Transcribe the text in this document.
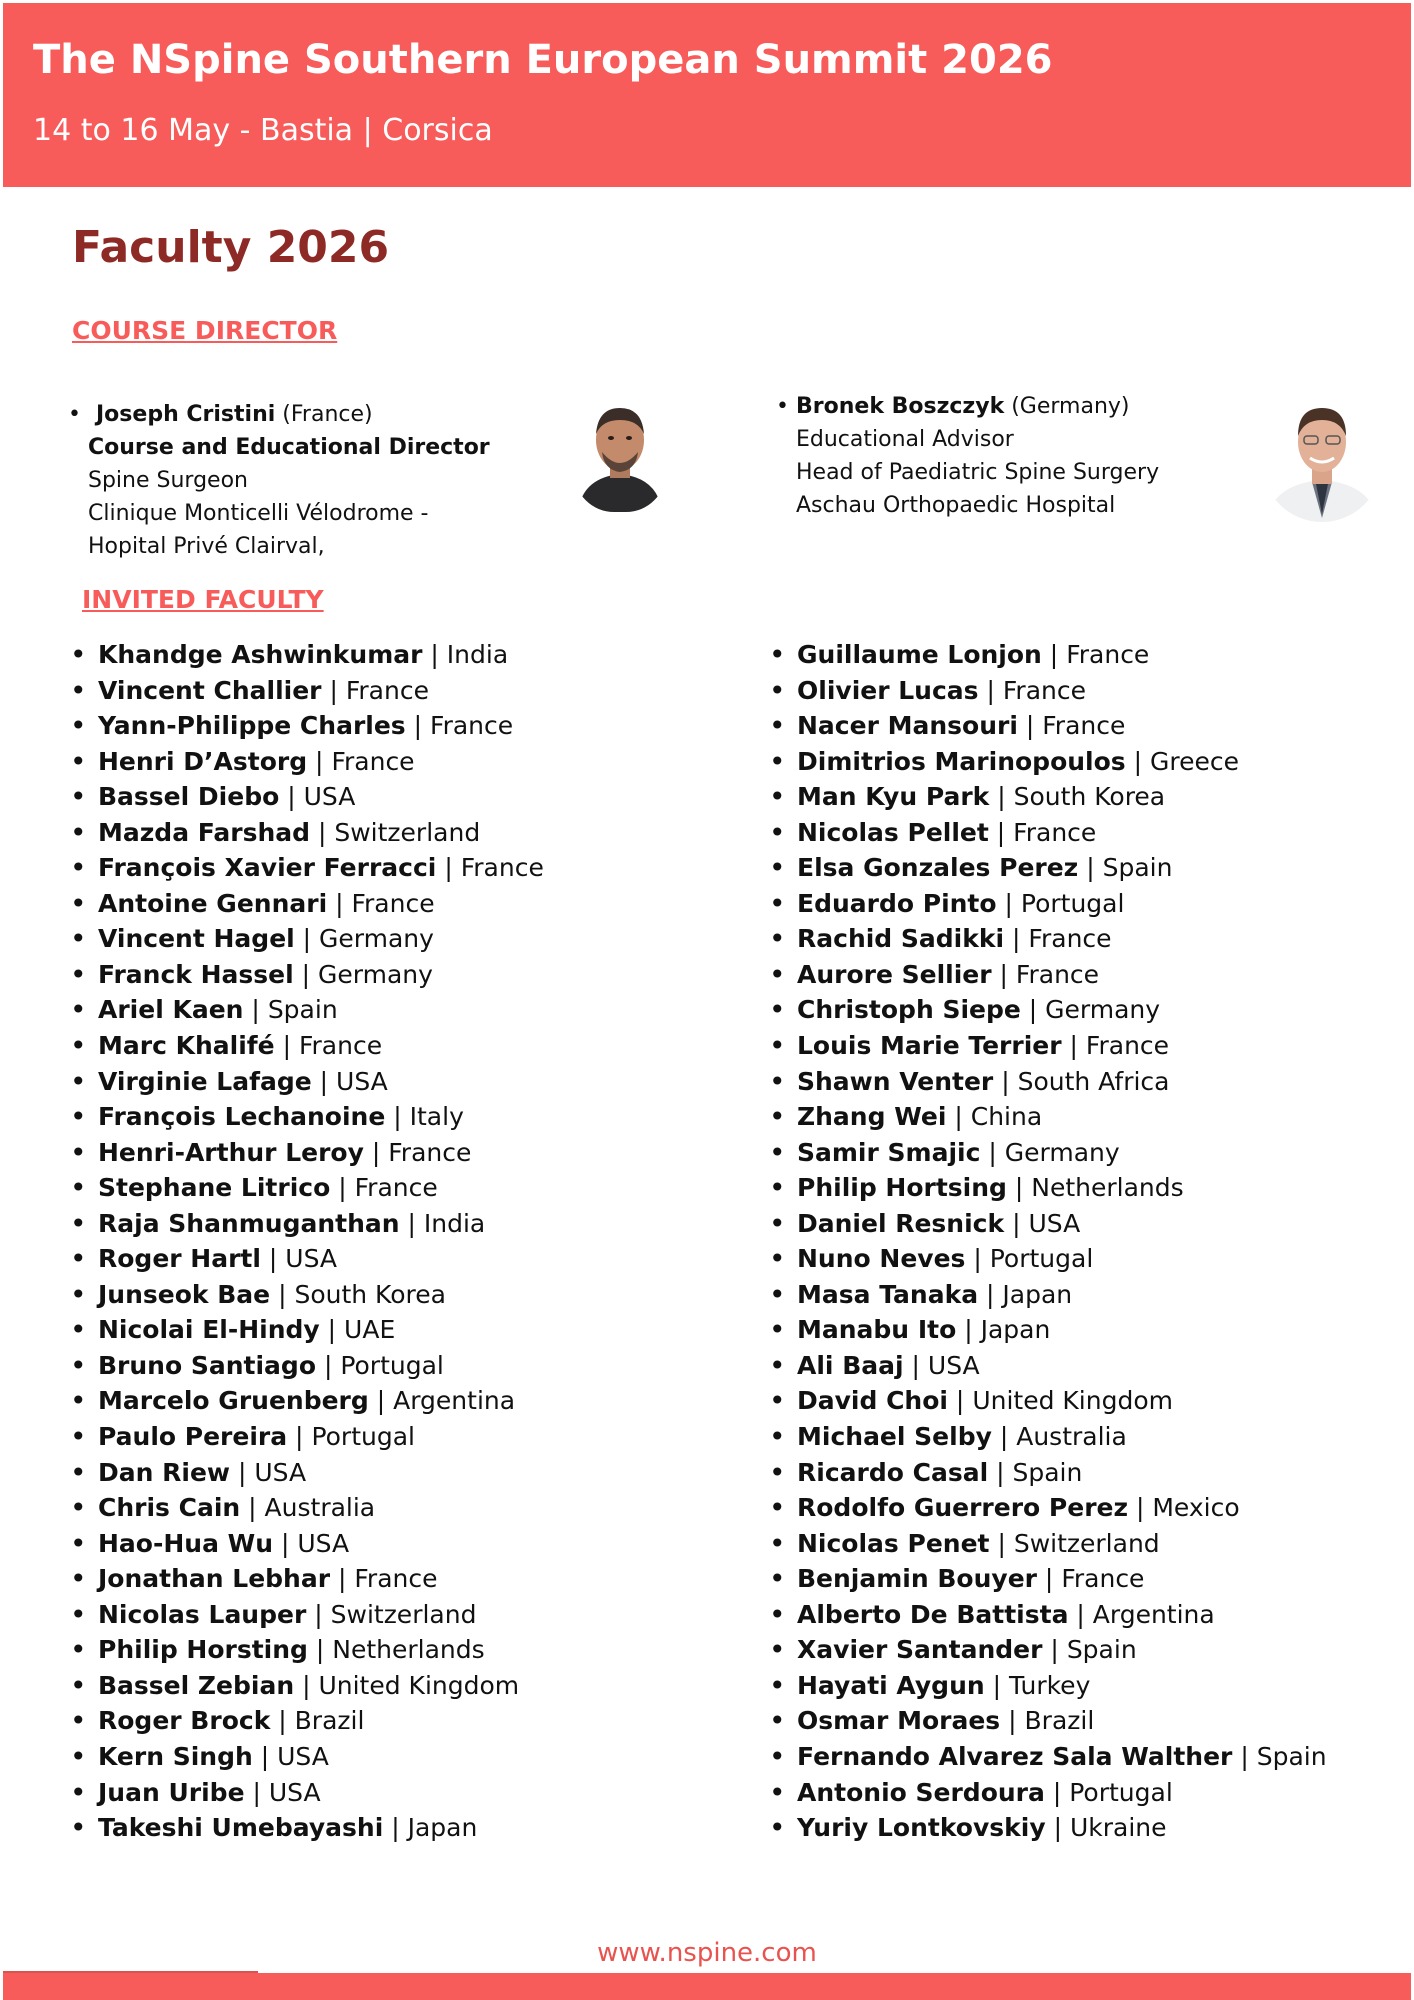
The NSpine Southern European Summit 2026
14 to 16 May - Bastia | Corsica
Faculty 2026
COURSE DIRECTOR
• Joseph Cristini (France)
Course and Educational Director
Spine Surgeon
Clinique Monticelli Vélodrome -
Hopital Privé Clairval,
• Bronek Boszczyk (Germany)
Educational Advisor
Head of Paediatric Spine Surgery
Aschau Orthopaedic Hospital
INVITED FACULTY
• Khandge Ashwinkumar | India
• Vincent Challier | France
• Yann-Philippe Charles | France
• Henri D’Astorg | France
• Bassel Diebo | USA
• Mazda Farshad | Switzerland
• François Xavier Ferracci | France
• Antoine Gennari | France
• Vincent Hagel | Germany
• Franck Hassel | Germany
• Ariel Kaen | Spain
• Marc Khalifé | France
• Virginie Lafage | USA
• François Lechanoine | Italy
• Henri-Arthur Leroy | France
• Stephane Litrico | France
• Raja Shanmuganthan | India
• Roger Hartl | USA
• Junseok Bae | South Korea
• Nicolai El-Hindy | UAE
• Bruno Santiago | Portugal
• Marcelo Gruenberg | Argentina
• Paulo Pereira | Portugal
• Dan Riew | USA
• Chris Cain | Australia
• Hao-Hua Wu | USA
• Jonathan Lebhar | France
• Nicolas Lauper | Switzerland
• Philip Horsting | Netherlands
• Bassel Zebian | United Kingdom
• Roger Brock | Brazil
• Kern Singh | USA
• Juan Uribe | USA
• Takeshi Umebayashi | Japan
• Guillaume Lonjon | France
• Olivier Lucas | France
• Nacer Mansouri | France
• Dimitrios Marinopoulos | Greece
• Man Kyu Park | South Korea
• Nicolas Pellet | France
• Elsa Gonzales Perez | Spain
• Eduardo Pinto | Portugal
• Rachid Sadikki | France
• Aurore Sellier | France
• Christoph Siepe | Germany
• Louis Marie Terrier | France
• Shawn Venter | South Africa
• Zhang Wei | China
• Samir Smajic | Germany
• Philip Hortsing | Netherlands
• Daniel Resnick | USA
• Nuno Neves | Portugal
• Masa Tanaka | Japan
• Manabu Ito | Japan
• Ali Baaj | USA
• David Choi | United Kingdom
• Michael Selby | Australia
• Ricardo Casal | Spain
• Rodolfo Guerrero Perez | Mexico
• Nicolas Penet | Switzerland
• Benjamin Bouyer | France
• Alberto De Battista | Argentina
• Xavier Santander | Spain
• Hayati Aygun | Turkey
• Osmar Moraes | Brazil
• Fernando Alvarez Sala Walther | Spain
• Antonio Serdoura | Portugal
• Yuriy Lontkovskiy | Ukraine
www.nspine.com
